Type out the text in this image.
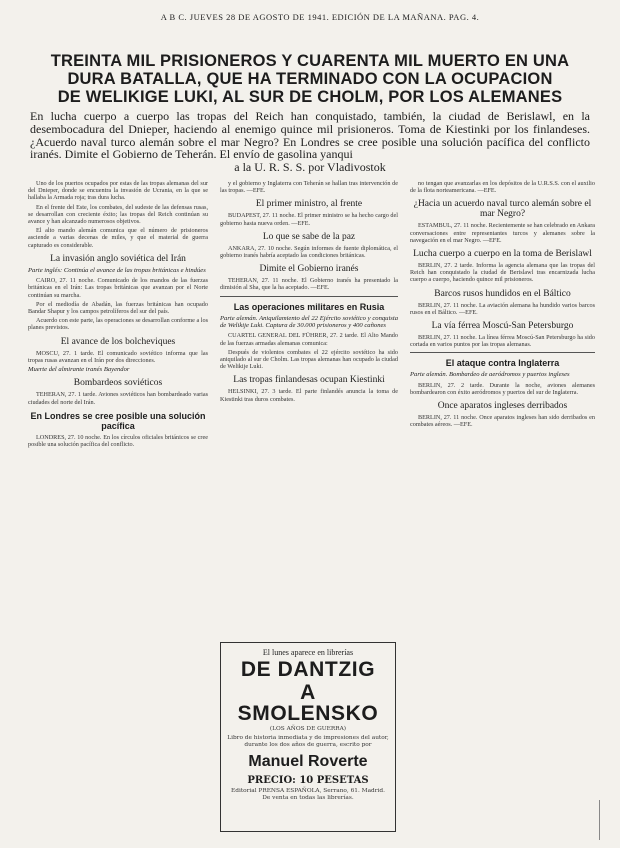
A B C. JUEVES 28 DE AGOSTO DE 1941. EDICIÓN DE LA MAÑANA. PAG. 4.
TREINTA MIL PRISIONEROS Y CUARENTA MIL MUERTO EN UNA
DURA BATALLA, QUE HA TERMINADO CON LA OCUPACION
DE WELIKIGE LUKI, AL SUR DE CHOLM, POR LOS ALEMANES
En lucha cuerpo a cuerpo las tropas del Reich han conquistado, también, la ciudad de Berislawl, en la desembocadura del Dnieper, haciendo al enemigo quince mil prisioneros. Toma de Kiestinki por los finlandeses. ¿Acuerdo naval turco alemán sobre el mar Negro? En Londres se cree posible una solución pacífica del conflicto iranés. Dimite el Gobierno de Teherán. El envío de gasolina yanqui
a la U. R. S. S. por Vladivostok

Uno de los puertos ocupados por estas de las tropas alemanas del sur del Dnieper, donde se encuentra la invasión de Ucrania, en la que se hallaba la Armada roja; tras dura lucha.

En el frente del Este, los combates, del sudeste de las defensas rusas, se desarrollan con creciente éxito; las tropas del Reich continúan su avance y han alcanzado numerosos objetivos.

El alto mando alemán comunica que el número de prisioneros asciende a varias decenas de miles, y que el material de guerra capturado es considerable.

La invasión anglo soviética del Irán
Parte inglés: Continúa el avance de las tropas británicas e hindúes

CAIRO, 27. 11 noche. Comunicado de los mandos de las fuerzas británicas en el Irán: Las tropas británicas que avanzan por el Norte continúan su marcha.

Por el mediodía de Abadán, las fuerzas británicas han ocupado Bandar Shapur y los campos petrolíferos del sur del país.

Acuerdo con este parte, las operaciones se desarrollan conforme a los planes previstos.

El avance de los bolcheviques

MOSCU, 27. 1 tarde. El comunicado soviético informa que las tropas rusas avanzan en el Irán por dos direcciones.

Muerte del almirante iranés Bayendor
Bombardeos soviéticos

TEHERAN, 27. 1 tarde. Aviones soviéticos han bombardeado varias ciudades del norte del Irán.

En Londres se cree posible una solución pacífica

LONDRES, 27. 10 noche. En los círculos oficiales británicos se cree posible una solución pacífica del conflicto.

y el gobierno y Inglaterra con Teherán se hallan tras intervención de las tropas. —EFE.

El primer ministro, al frente

BUDAPEST, 27. 11 noche. El primer ministro se ha hecho cargo del gobierno hasta nueva orden. —EFE.

Lo que se sabe de la paz

ANKARA, 27. 10 noche. Según informes de fuente diplomática, el gobierno iranés habría aceptado las condiciones británicas.

Dimite el Gobierno iranés

TEHERAN, 27. 11 noche. El Gobierno iranés ha presentado la dimisión al Sha, que la ha aceptado. —EFE.

Las operaciones militares en Rusia
Parte alemán. Aniquilamiento del 22 Ejército soviético y conquista de Welikije Luki. Captura de 30.000 prisioneros y 400 cañones

CUARTEL GENERAL DEL FÜHRER, 27. 2 tarde. El Alto Mando de las fuerzas armadas alemanas comunica:

Después de violentos combates el 22 ejército soviético ha sido aniquilado al sur de Cholm. Las tropas alemanas han ocupado la ciudad de Welikije Luki.

Las tropas finlandesas ocupan Kiestinki

HELSINKI, 27. 3 tarde. El parte finlandés anuncia la toma de Kiestinki tras duros combates.

El lunes aparece en librerías
DE DANTZIG
A SMOLENSKO
(LOS AÑOS DE GUERRA)
Libro de historia inmediata y de impresiones del autor, durante los dos años de guerra, escrito por
Manuel Roverte
PRECIO: 10 PESETAS
Editorial PRENSA ESPAÑOLA, Serrano, 61. Madrid. De venta en todas las librerías.

no tengan que avanzarlas en los depósitos de la U.R.S.S. con el auxilio de la flota norteamericana. —EFE.

¿Hacia un acuerdo naval turco alemán sobre el mar Negro?

ESTAMBUL, 27. 11 noche. Recientemente se han celebrado en Ankara conversaciones entre representantes turcos y alemanes sobre la navegación en el mar Negro. —EFE.

Lucha cuerpo a cuerpo en la toma de Berislawl

BERLIN, 27. 2 tarde. Informa la agencia alemana que las tropas del Reich han conquistado la ciudad de Berislawl tras encarnizada lucha cuerpo a cuerpo, haciendo quince mil prisioneros.

Barcos rusos hundidos en el Báltico

BERLIN, 27. 11 noche. La aviación alemana ha hundido varios barcos rusos en el Báltico. —EFE.

La vía férrea Moscú-San Petersburgo

BERLIN, 27. 11 noche. La línea férrea Moscú-San Petersburgo ha sido cortada en varios puntos por las tropas alemanas.

El ataque contra Inglaterra
Parte alemán. Bombardeo de aeródromos y puertos ingleses

BERLIN, 27. 2 tarde. Durante la noche, aviones alemanes bombardearon con éxito aeródromos y puertos del sur de Inglaterra.

Once aparatos ingleses derribados

BERLIN, 27. 11 noche. Once aparatos ingleses han sido derribados en combates aéreos. —EFE.
